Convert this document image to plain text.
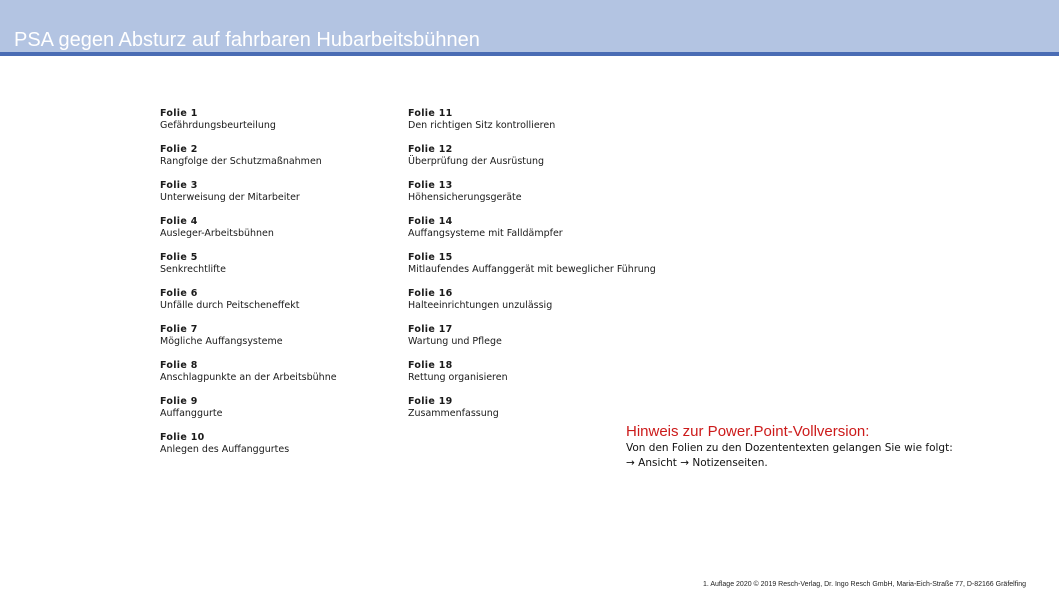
PSA gegen Absturz auf fahrbaren Hubarbeitsbühnen
Folie 1
Gefährdungsbeurteilung
Folie 2
Rangfolge der Schutzmaßnahmen
Folie 3
Unterweisung der Mitarbeiter
Folie 4
Ausleger-Arbeitsbühnen
Folie 5
Senkrechtlifte
Folie 6
Unfälle durch Peitscheneffekt
Folie 7
Mögliche Auffangsysteme
Folie 8
Anschlagpunkte an der Arbeitsbühne
Folie 9
Auffanggurte
Folie 10
Anlegen des Auffanggurtes
Folie 11
Den richtigen Sitz kontrollieren
Folie 12
Überprüfung der Ausrüstung
Folie 13
Höhensicherungsgeräte
Folie 14
Auffangsysteme mit Falldämpfer
Folie 15
Mitlaufendes Auffanggerät mit beweglicher Führung
Folie 16
Halteeinrichtungen unzulässig
Folie 17
Wartung und Pflege
Folie 18
Rettung organisieren
Folie 19
Zusammenfassung
Hinweis zur Power.Point-Vollversion:
Von den Folien zu den Dozententexten gelangen Sie wie folgt:
→ Ansicht → Notizenseiten.
1. Auflage 2020 © 2019 Resch-Verlag, Dr. Ingo Resch GmbH, Maria-Eich-Straße 77, D-82166 Gräfelfing
